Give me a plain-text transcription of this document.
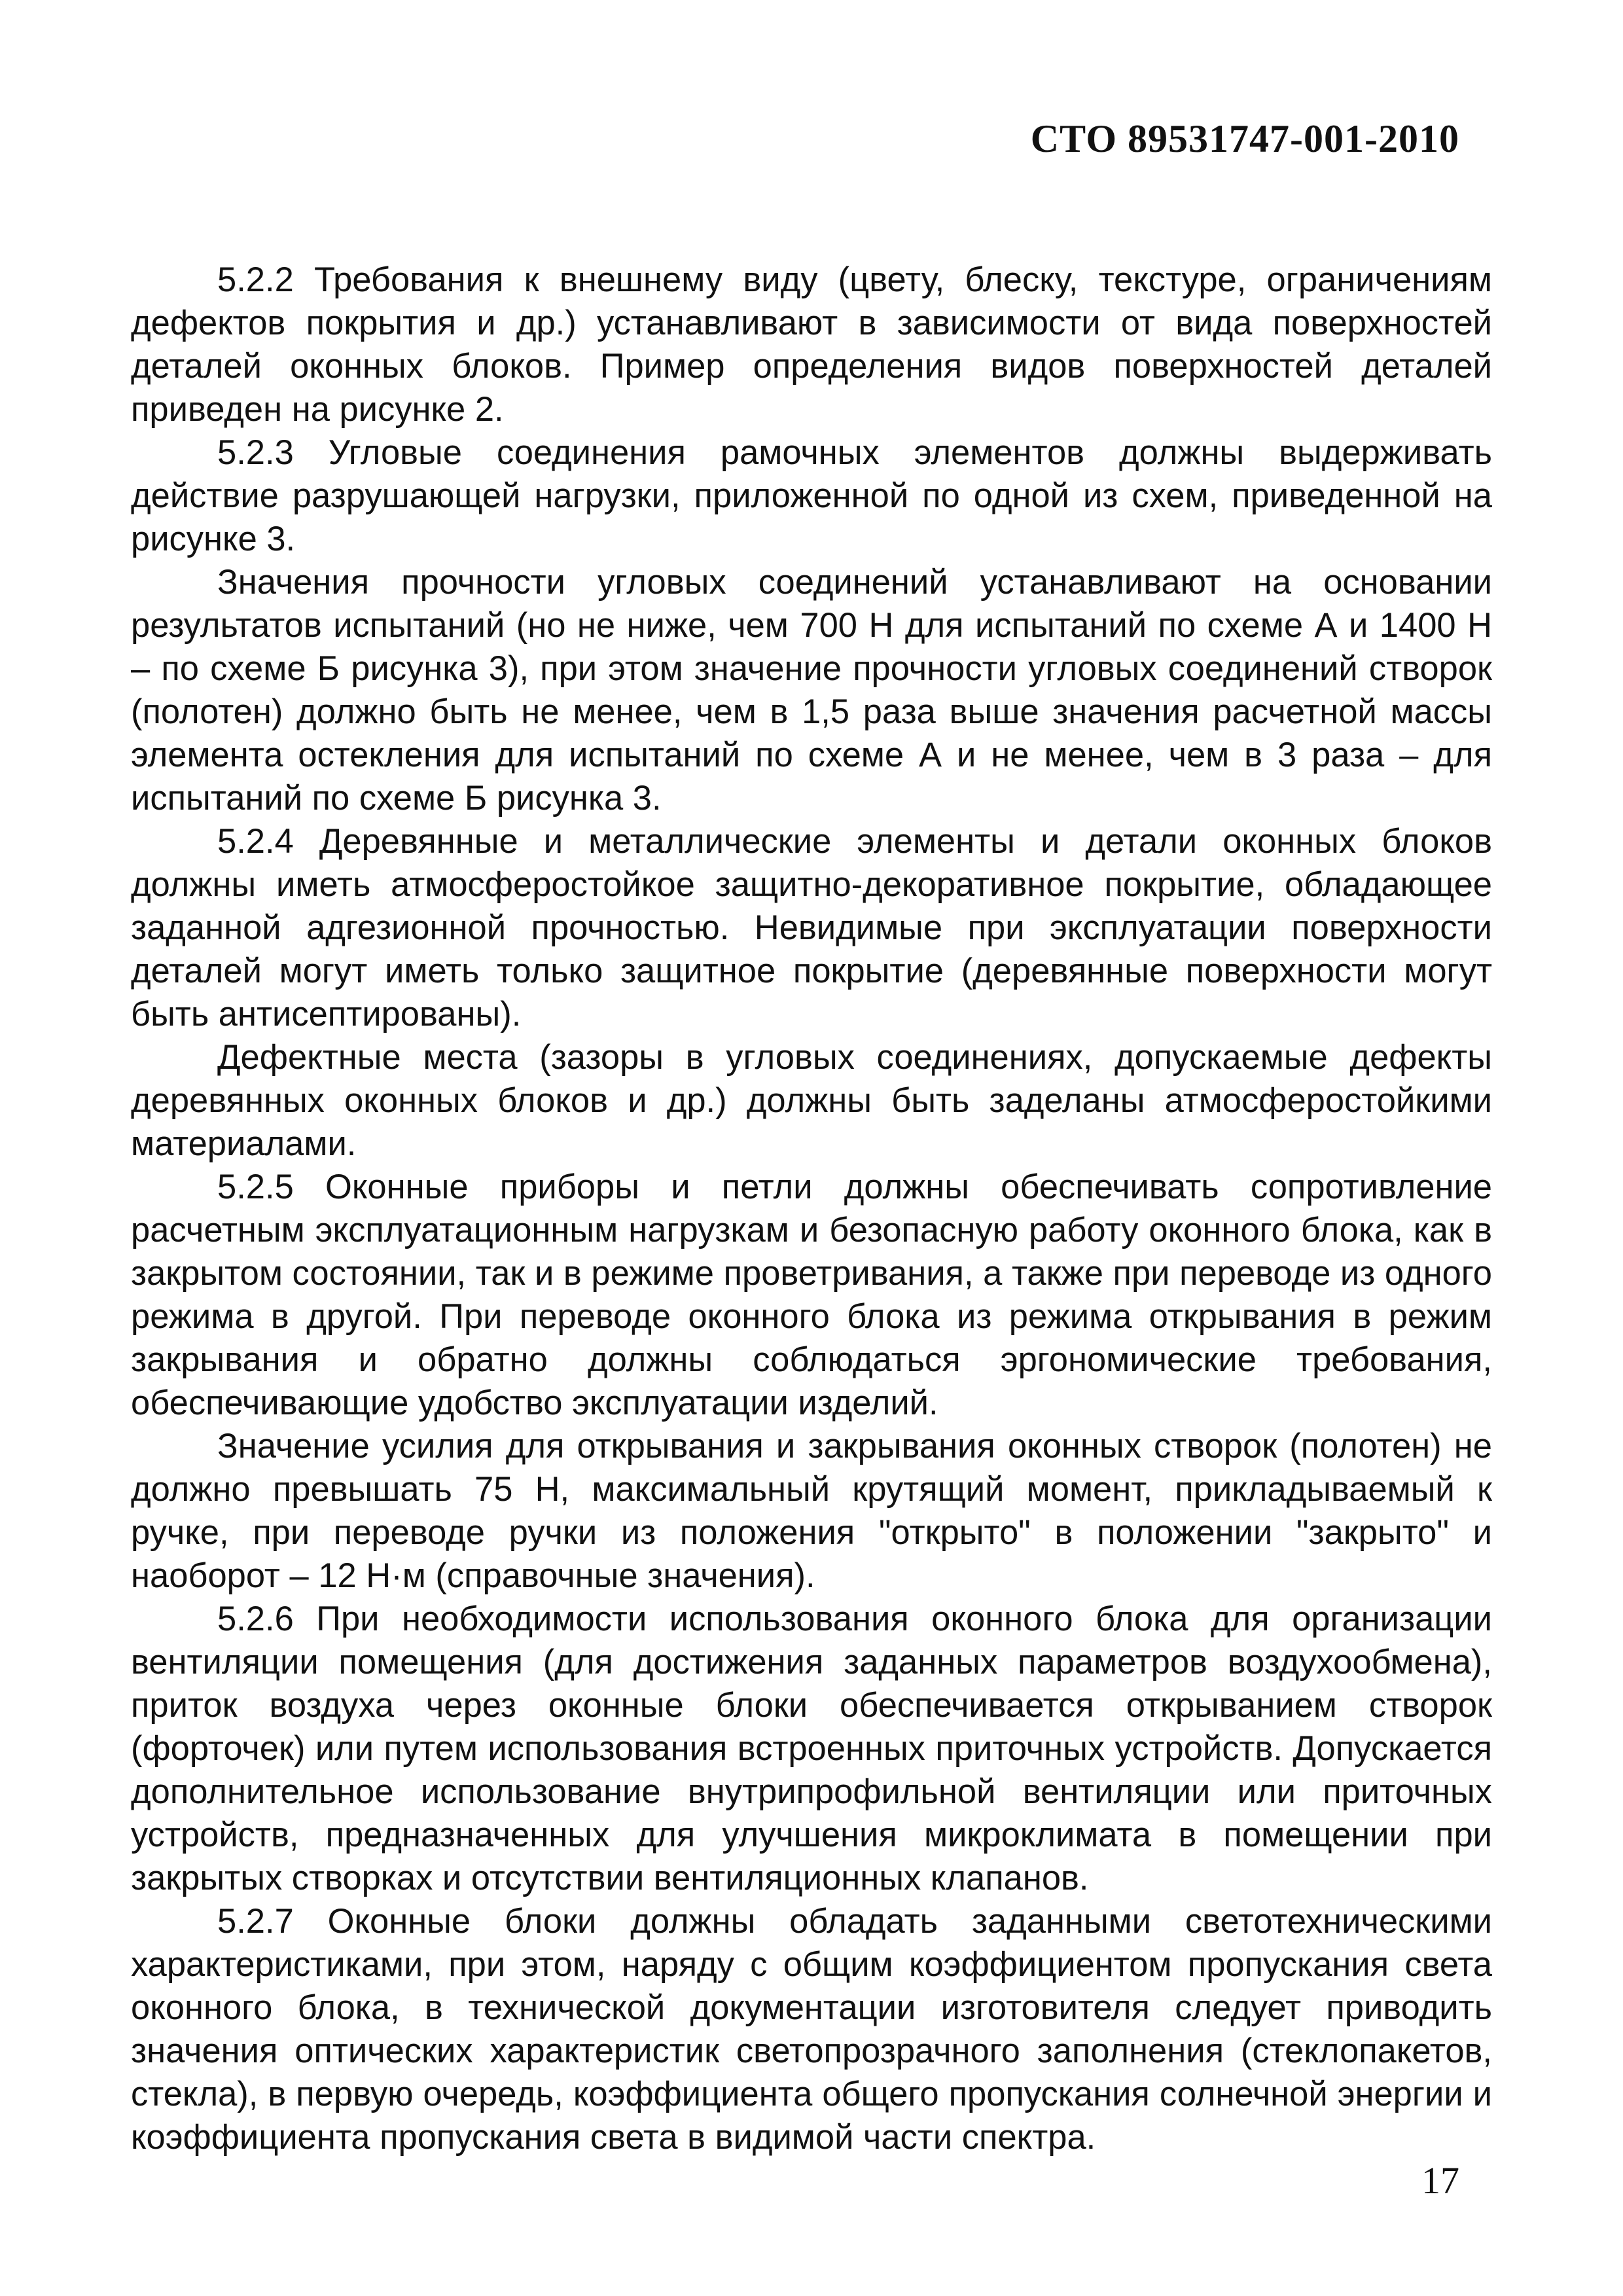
СТО 89531747-001-2010

5.2.2 Требования к внешнему виду (цвету, блеску, текстуре, ограничениям дефектов покрытия и др.) устанавливают в зависимости от вида поверхностей деталей оконных блоков. Пример определения видов поверхностей деталей приведен на рисунке 2.

5.2.3 Угловые соединения рамочных элементов должны выдерживать действие разрушающей нагрузки, приложенной по одной из схем, приведенной на рисунке 3.

Значения прочности угловых соединений устанавливают на основании результатов испытаний (но не ниже, чем 700 Н для испытаний по схеме А и 1400 Н – по схеме Б рисунка 3), при этом значение прочности угловых соединений створок (полотен) должно быть не менее, чем в 1,5 раза выше значения расчетной массы элемента остекления для испытаний по схеме А и не менее, чем в 3 раза – для испытаний по схеме Б рисунка 3.

5.2.4 Деревянные и металлические элементы и детали оконных блоков должны иметь атмосферостойкое защитно-декоративное покрытие, обладающее заданной адгезионной прочностью. Невидимые при эксплуатации поверхности деталей могут иметь только защитное покрытие (деревянные поверхности могут быть антисептированы).

Дефектные места (зазоры в угловых соединениях, допускаемые дефекты деревянных оконных блоков и др.) должны быть заделаны атмосферостойкими материалами.

5.2.5 Оконные приборы и петли должны обеспечивать сопротивление расчетным эксплуатационным нагрузкам и безопасную работу оконного блока, как в закрытом состоянии, так и в режиме проветривания, а также при переводе из одного режима в другой. При переводе оконного блока из режима открывания в режим закрывания и обратно должны соблюдаться эргономические требования, обеспечивающие удобство эксплуатации изделий.

Значение усилия для открывания и закрывания оконных створок (полотен) не должно превышать 75 Н, максимальный крутящий момент, прикладываемый к ручке, при переводе ручки из положения "открыто" в положении "закрыто" и наоборот – 12 Н·м (справочные значения).

5.2.6 При необходимости использования оконного блока для организации вентиляции помещения (для достижения заданных параметров воздухообмена), приток воздуха через оконные блоки обеспечивается открыванием створок (форточек) или путем использования встроенных приточных устройств. Допускается дополнительное использование внутрипрофильной вентиляции или приточных устройств, предназначенных для улучшения микроклимата в помещении при закрытых створках и отсутствии вентиляционных клапанов.

5.2.7 Оконные блоки должны обладать заданными светотехническими характеристиками, при этом, наряду с общим коэффициентом пропускания света оконного блока, в технической документации изготовителя следует приводить значения оптических характеристик светопрозрачного заполнения (стеклопакетов, стекла), в первую очередь, коэффициента общего пропускания солнечной энергии и коэффициента пропускания света в видимой части спектра.

17
